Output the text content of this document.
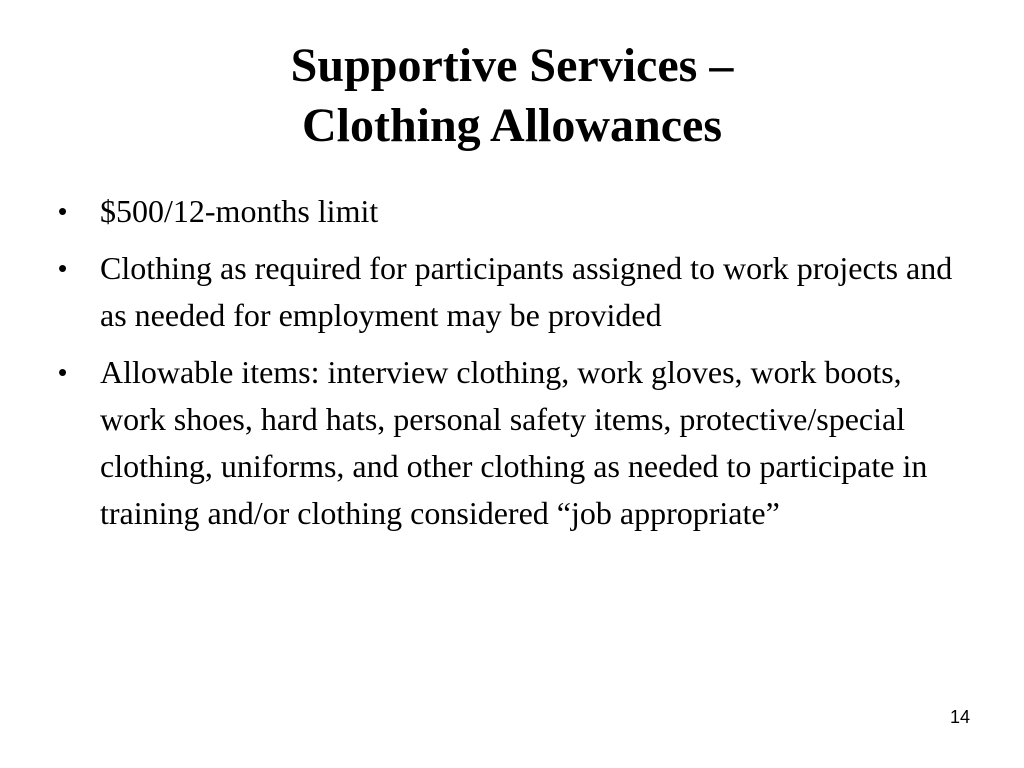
Supportive Services –
Clothing Allowances
• $500/12-months limit
• Clothing as required for participants assigned to work projects and as needed for employment may be provided
• Allowable items: interview clothing, work gloves, work boots, work shoes, hard hats, personal safety items, protective/special clothing, uniforms, and other clothing as needed to participate in training and/or clothing considered “job appropriate”
14
